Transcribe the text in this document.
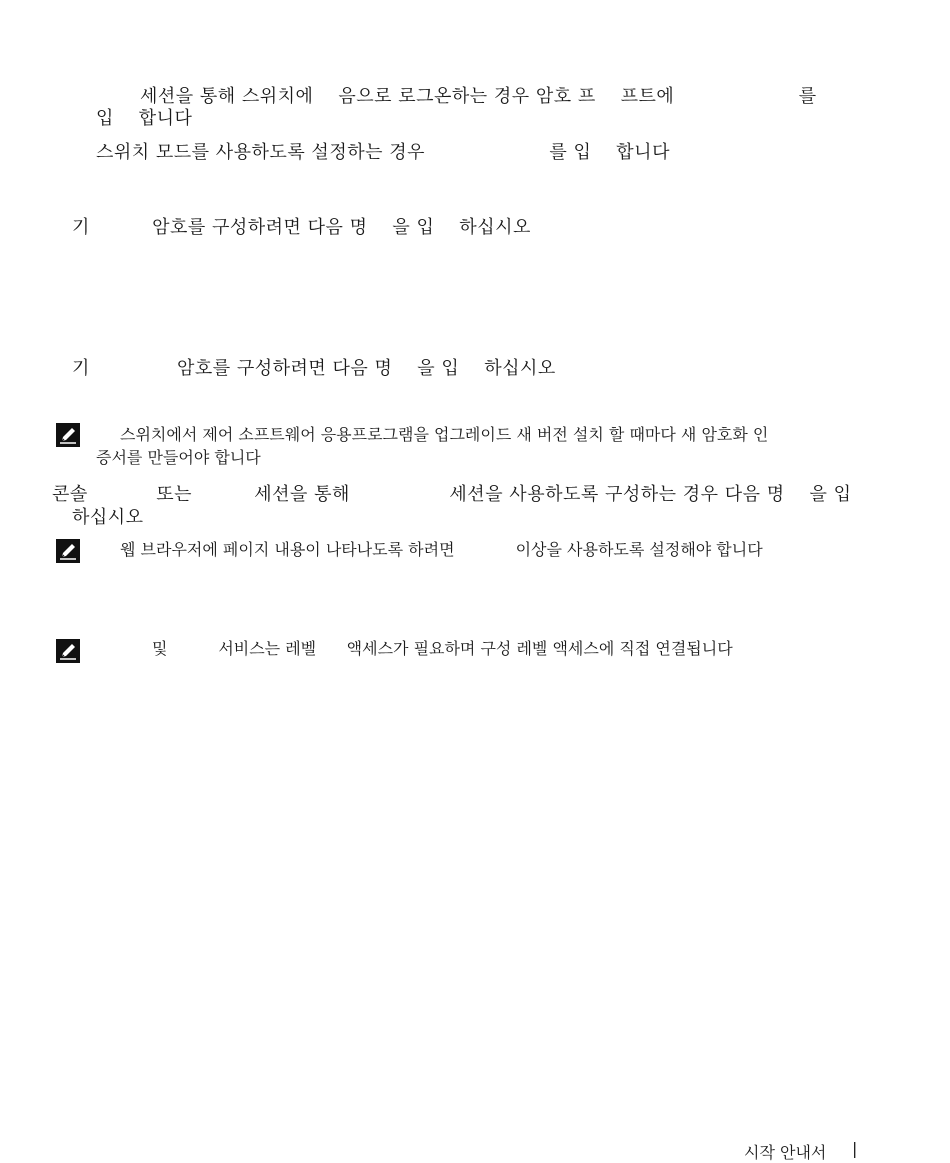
세션을 통해 스위치에    음으로 로그온하는 경우 암호 프    프트에                    를
입    합니다
스위치 모드를 사용하도록 설정하는 경우                    를 입    합니다
기          암호를 구성하려면 다음 명    을 입    하십시오
기              암호를 구성하려면 다음 명    을 입    하십시오
스위치에서 제어 소프트웨어 응용프로그램을 업그레이드 새 버전 설치 할 때마다 새 암호화 인
증서를 만들어야 합니다
콘솔           또는          세션을 통해                세션을 사용하도록 구성하는 경우 다음 명    을 입
하십시오
웹 브라우저에 페이지 내용이 나타나도록 하려면            이상을 사용하도록 설정해야 합니다
및          서비스는 레벨      액세스가 필요하며 구성 레벨 액세스에 직접 연결됩니다
시작 안내서 |
